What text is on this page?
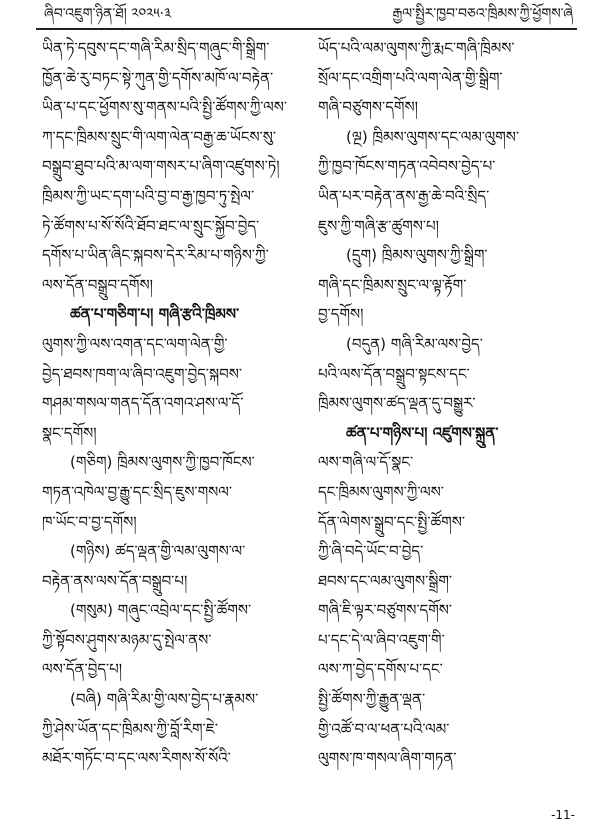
ཞིབ་འཇུག་ཉིན་ཐོ། ༢༠༢༥·༣	རྒྱལ་སྤྱིར་ཁྱབ་བཅའ་ཁྲིམས་ཀྱི་ཕྱོགས་ཞེ
ཡིན་ཏེ་དབུས་དང་གཞི་རིམ་སྲིད་གཞུང་གི་སྒྲིག་
ཁྱོན་ཆེ་རུ་བཏང་སྟེ་ཀུན་གྱི་དགོས་མཁོ་ལ་བརྟེན་
ཡིན་པ་དང་ཕྱོགས་སུ་གནས་པའི་སྤྱི་ཚོགས་ཀྱི་ལས་
ཀ་དང་ཁྲིམས་སྲུང་གི་ལག་ལེན་བརྒྱ་ཆ་ཡོངས་སུ་
བསྒྲུབ་ཐུབ་པའི་མ་ལག་གསར་པ་ཞིག་འཛུགས་ཏེ།
ཁྲིམས་ཀྱི་ཡང་དག་པའི་བྱ་བ་རྒྱ་ཁྱབ་ཏུ་སྤེལ་
ཏེ་ཚོགས་པ་སོ་སོའི་ཐོབ་ཐང་ལ་སྲུང་སྐྱོབ་བྱེད་
དགོས་པ་ཡིན་ཞིང་སྐབས་དེར་རིམ་པ་གཉིས་ཀྱི་
ལས་དོན་བསྒྲུབ་དགོས།
ཚན་པ་གཅིག་པ། གཞི་རྩའི་ཁྲིམས་
ལུགས་ཀྱི་ལས་འགན་དང་ལག་ལེན་གྱི་
བྱེད་ཐབས་ཁག་ལ་ཞིབ་འཇུག་བྱེད་སྐབས་
གཤམ་གསལ་གནད་དོན་འགའ་ཤས་ལ་དོ་
སྣང་དགོས།
(གཅིག) ཁྲིམས་ལུགས་ཀྱི་ཁྱབ་ཁོངས་
གཏན་འཁེལ་བྱ་རྒྱུ་དང་སྲིད་ཇུས་གསལ་
ཁ་ཡོང་བ་བྱ་དགོས།
(གཉིས) ཚད་ལྡན་གྱི་ལམ་ལུགས་ལ་
བརྟེན་ནས་ལས་དོན་བསྒྲུབ་པ།
(གསུམ) གཞུང་འབྲེལ་དང་སྤྱི་ཚོགས་
ཀྱི་སྟོབས་ཤུགས་མཉམ་དུ་སྤེལ་ནས་
ལས་དོན་བྱེད་པ།
(བཞི) གཞི་རིམ་གྱི་ལས་བྱེད་པ་རྣམས་
ཀྱི་ཤེས་ཡོན་དང་ཁྲིམས་ཀྱི་བློ་རིག་ཇེ་
མཐོར་གཏོང་བ་དང་ལས་རིགས་སོ་སོའི་
ཡོད་པའི་ལམ་ལུགས་ཀྱི་རྨང་གཞི་ཁྲིམས་
སྲོལ་དང་འགྲིག་པའི་ལག་ལེན་གྱི་སྒྲིག་
གཞི་བཙུགས་དགོས།
(ལྔ) ཁྲིམས་ལུགས་དང་ལམ་ལུགས་
ཀྱི་ཁྱབ་ཁོངས་གཏན་འབེབས་བྱེད་པ་
ཡིན་པར་བརྟེན་ནས་རྒྱ་ཆེ་བའི་སྲིད་
ཇུས་ཀྱི་གཞི་རྩ་ཚུགས་པ།
(དྲུག) ཁྲིམས་ལུགས་ཀྱི་སྒྲིག་
གཞི་དང་ཁྲིམས་སྲུང་ལ་ལྟ་རྟོག་
བྱ་དགོས།
(བདུན) གཞི་རིམ་ལས་བྱེད་
པའི་ལས་དོན་བསྒྲུབ་སྟངས་དང་
ཁྲིམས་ལུགས་ཚད་ལྡན་དུ་བསྒྱུར་
ཚན་པ་གཉིས་པ། འཛུགས་སྐྲུན་
ལས་གཞི་ལ་དོ་སྣང་
དང་ཁྲིམས་ལུགས་ཀྱི་ལས་
དོན་ལེགས་སྒྲུབ་དང་སྤྱི་ཚོགས་
ཀྱི་ཞི་བདེ་ཡོང་བ་བྱེད་
ཐབས་དང་ལམ་ལུགས་སྒྲིག་
གཞི་ཇི་ལྟར་བཙུགས་དགོས་
པ་དང་དེ་ལ་ཞིབ་འཇུག་གི་
ལས་ཀ་བྱེད་དགོས་པ་དང་
སྤྱི་ཚོགས་ཀྱི་རྒྱུན་ལྡན་
གྱི་འཚོ་བ་ལ་ཕན་པའི་ལམ་
ལུགས་ཁ་གསལ་ཞིག་གཏན་
-11-
